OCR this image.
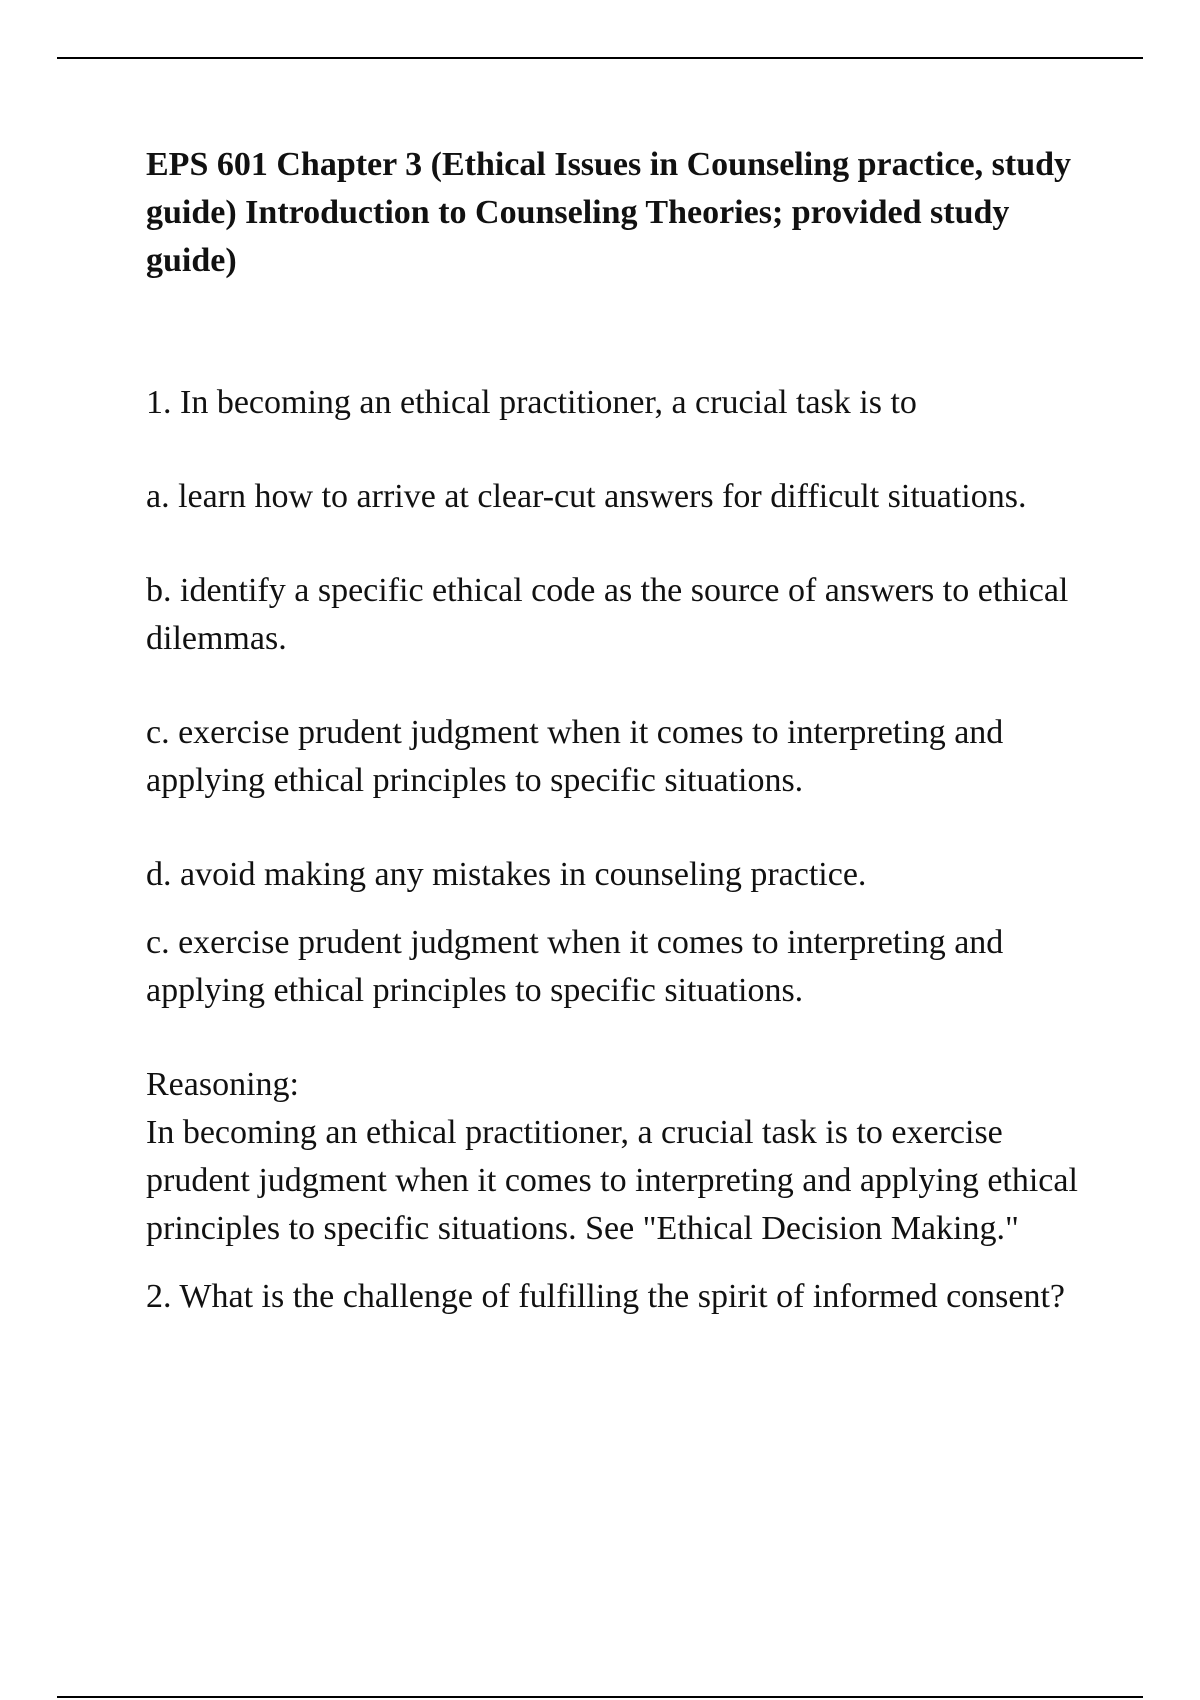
EPS 601 Chapter 3 (Ethical Issues in Counseling practice, study guide) Introduction to Counseling Theories; provided study guide)

1. In becoming an ethical practitioner, a crucial task is to

a. learn how to arrive at clear-cut answers for difficult situations.

b. identify a specific ethical code as the source of answers to ethical dilemmas.

c. exercise prudent judgment when it comes to interpreting and applying ethical principles to specific situations.

d. avoid making any mistakes in counseling practice.

c. exercise prudent judgment when it comes to interpreting and applying ethical principles to specific situations.

Reasoning:

In becoming an ethical practitioner, a crucial task is to exercise prudent judgment when it comes to interpreting and applying ethical principles to specific situations. See "Ethical Decision Making."

2. What is the challenge of fulfilling the spirit of informed consent?
